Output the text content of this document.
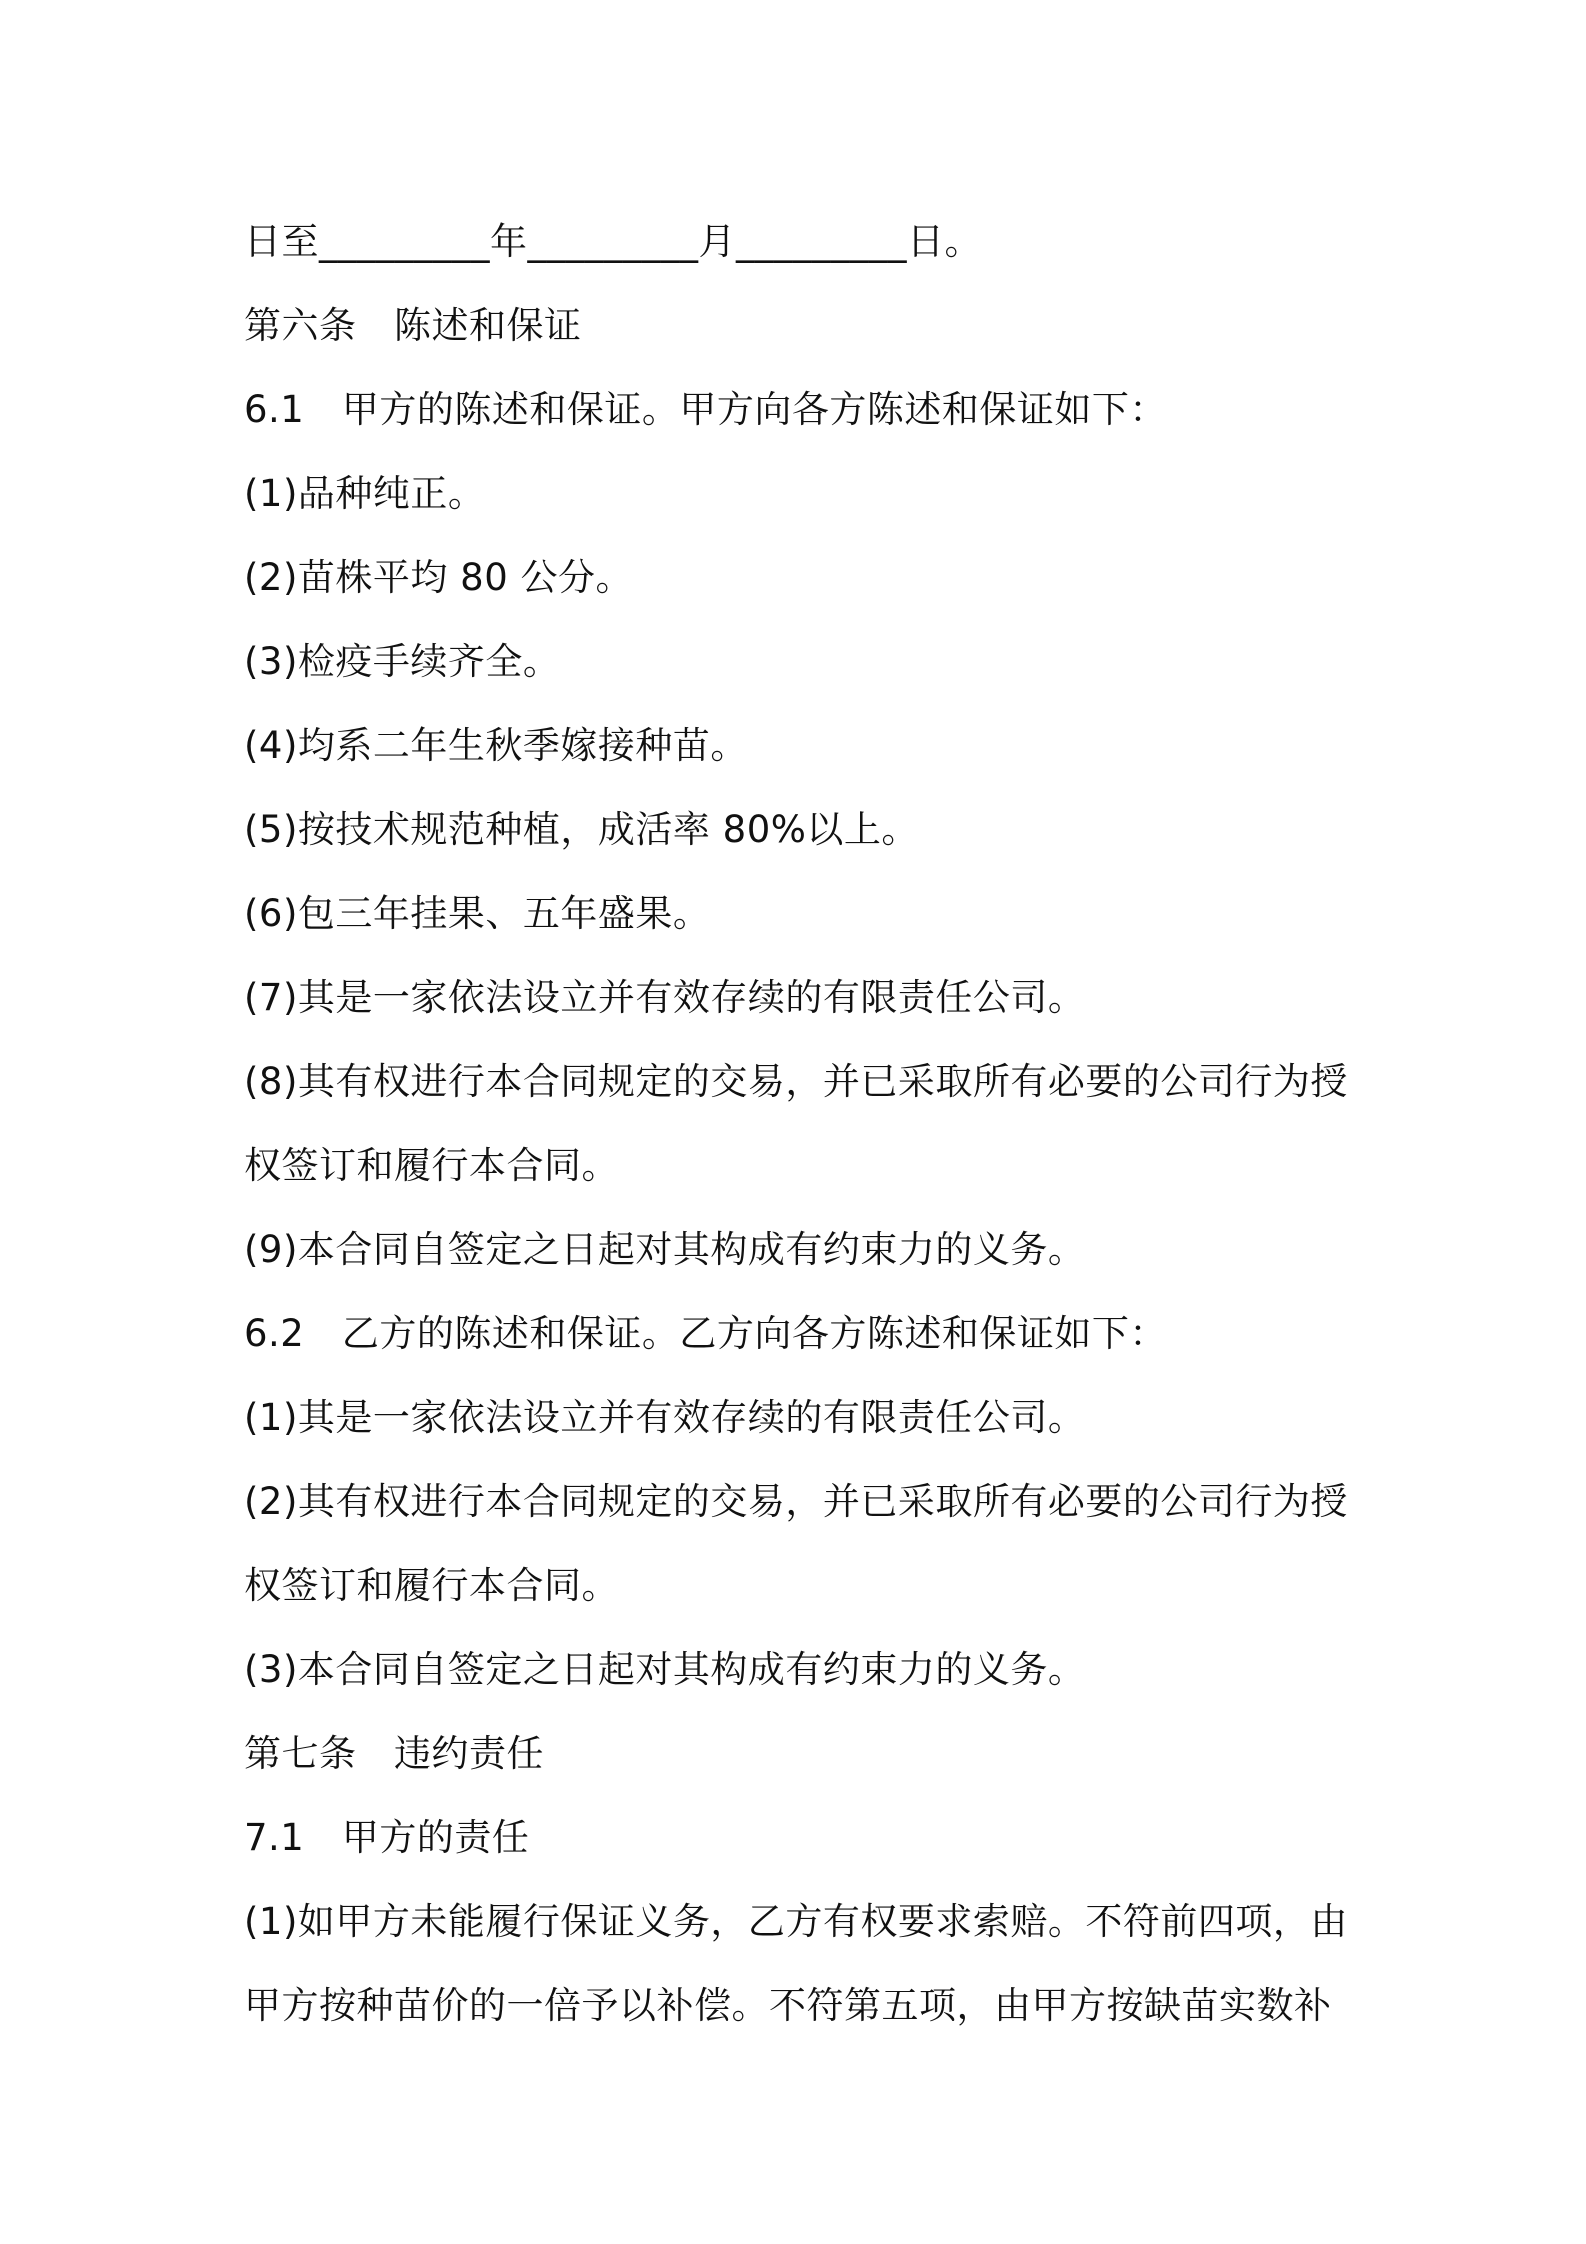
日至_________年_________月_________日。

第六条　陈述和保证

6.1　甲方的陈述和保证。甲方向各方陈述和保证如下：

(1)品种纯正。

(2)苗株平均 80 公分。

(3)检疫手续齐全。

(4)均系二年生秋季嫁接种苗。

(5)按技术规范种植，成活率 80%以上。

(6)包三年挂果、五年盛果。

(7)其是一家依法设立并有效存续的有限责任公司。

(8)其有权进行本合同规定的交易，并已采取所有必要的公司行为授

权签订和履行本合同。

(9)本合同自签定之日起对其构成有约束力的义务。

6.2　乙方的陈述和保证。乙方向各方陈述和保证如下：

(1)其是一家依法设立并有效存续的有限责任公司。

(2)其有权进行本合同规定的交易，并已采取所有必要的公司行为授

权签订和履行本合同。

(3)本合同自签定之日起对其构成有约束力的义务。

第七条　违约责任

7.1　甲方的责任

(1)如甲方未能履行保证义务，乙方有权要求索赔。不符前四项，由

甲方按种苗价的一倍予以补偿。不符第五项，由甲方按缺苗实数补
